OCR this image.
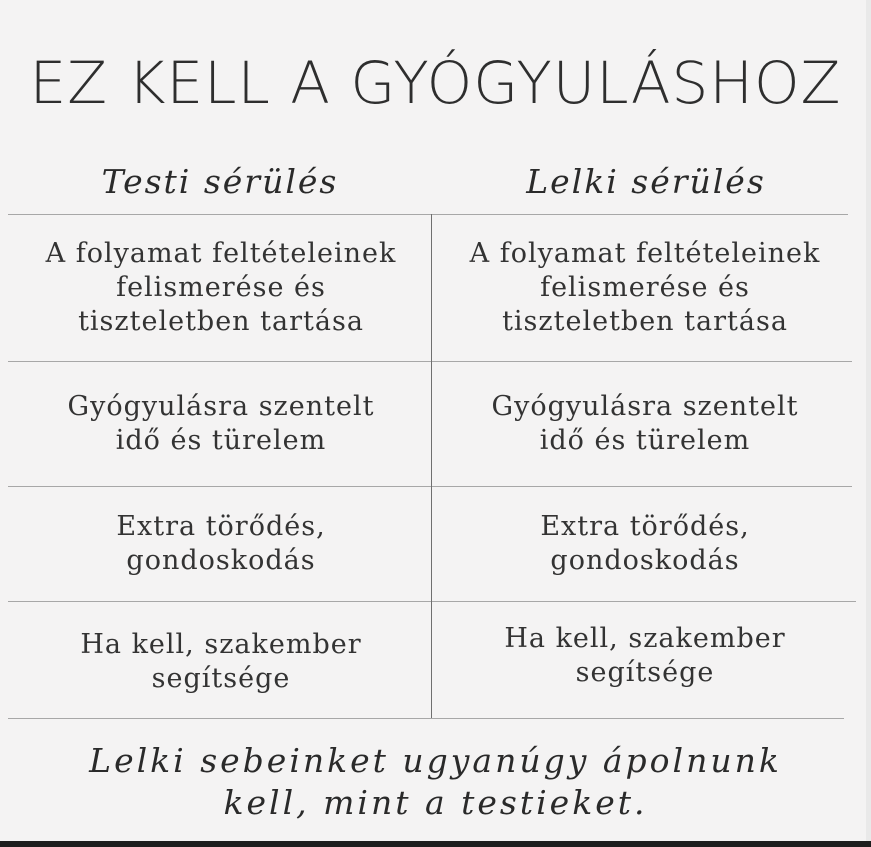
EZ KELL A GYÓGYULÁSHOZ
Testi sérülés	Lelki sérülés
A folyamat feltételeinek
felismerése és
tiszteletben tartása
A folyamat feltételeinek
felismerése és
tiszteletben tartása
Gyógyulásra szentelt
idő és türelem
Gyógyulásra szentelt
idő és türelem
Extra törődés,
gondoskodás
Extra törődés,
gondoskodás
Ha kell, szakember
segítsége
Ha kell, szakember
segítsége
Lelki sebeinket ugyanúgy ápolnunk
kell, mint a testieket.
